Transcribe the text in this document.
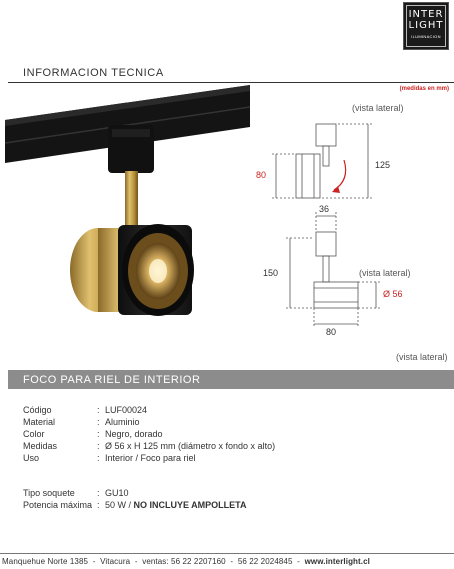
INTER
LIGHT
ILUMINACION
INFORMACION TECNICA
(medidas en mm)
(vista lateral)
80
125
36
150	(vista lateral)
Ø 56
80
(vista lateral)
FOCO PARA RIEL DE INTERIOR
Código	: LUF00024
Material	: Aluminio
Color	: Negro, dorado
Medidas	: Ø 56 x H 125 mm (diámetro x fondo x alto)
Uso	: Interior / Foco para riel
Tipo soquete	: GU10
Potencia máxima : 50 W / NO INCLUYE AMPOLLETA
Manquehue Norte 1385 - Vitacura - ventas: 56 22 2207160 - 56 22 2024845 - www.interlight.cl
